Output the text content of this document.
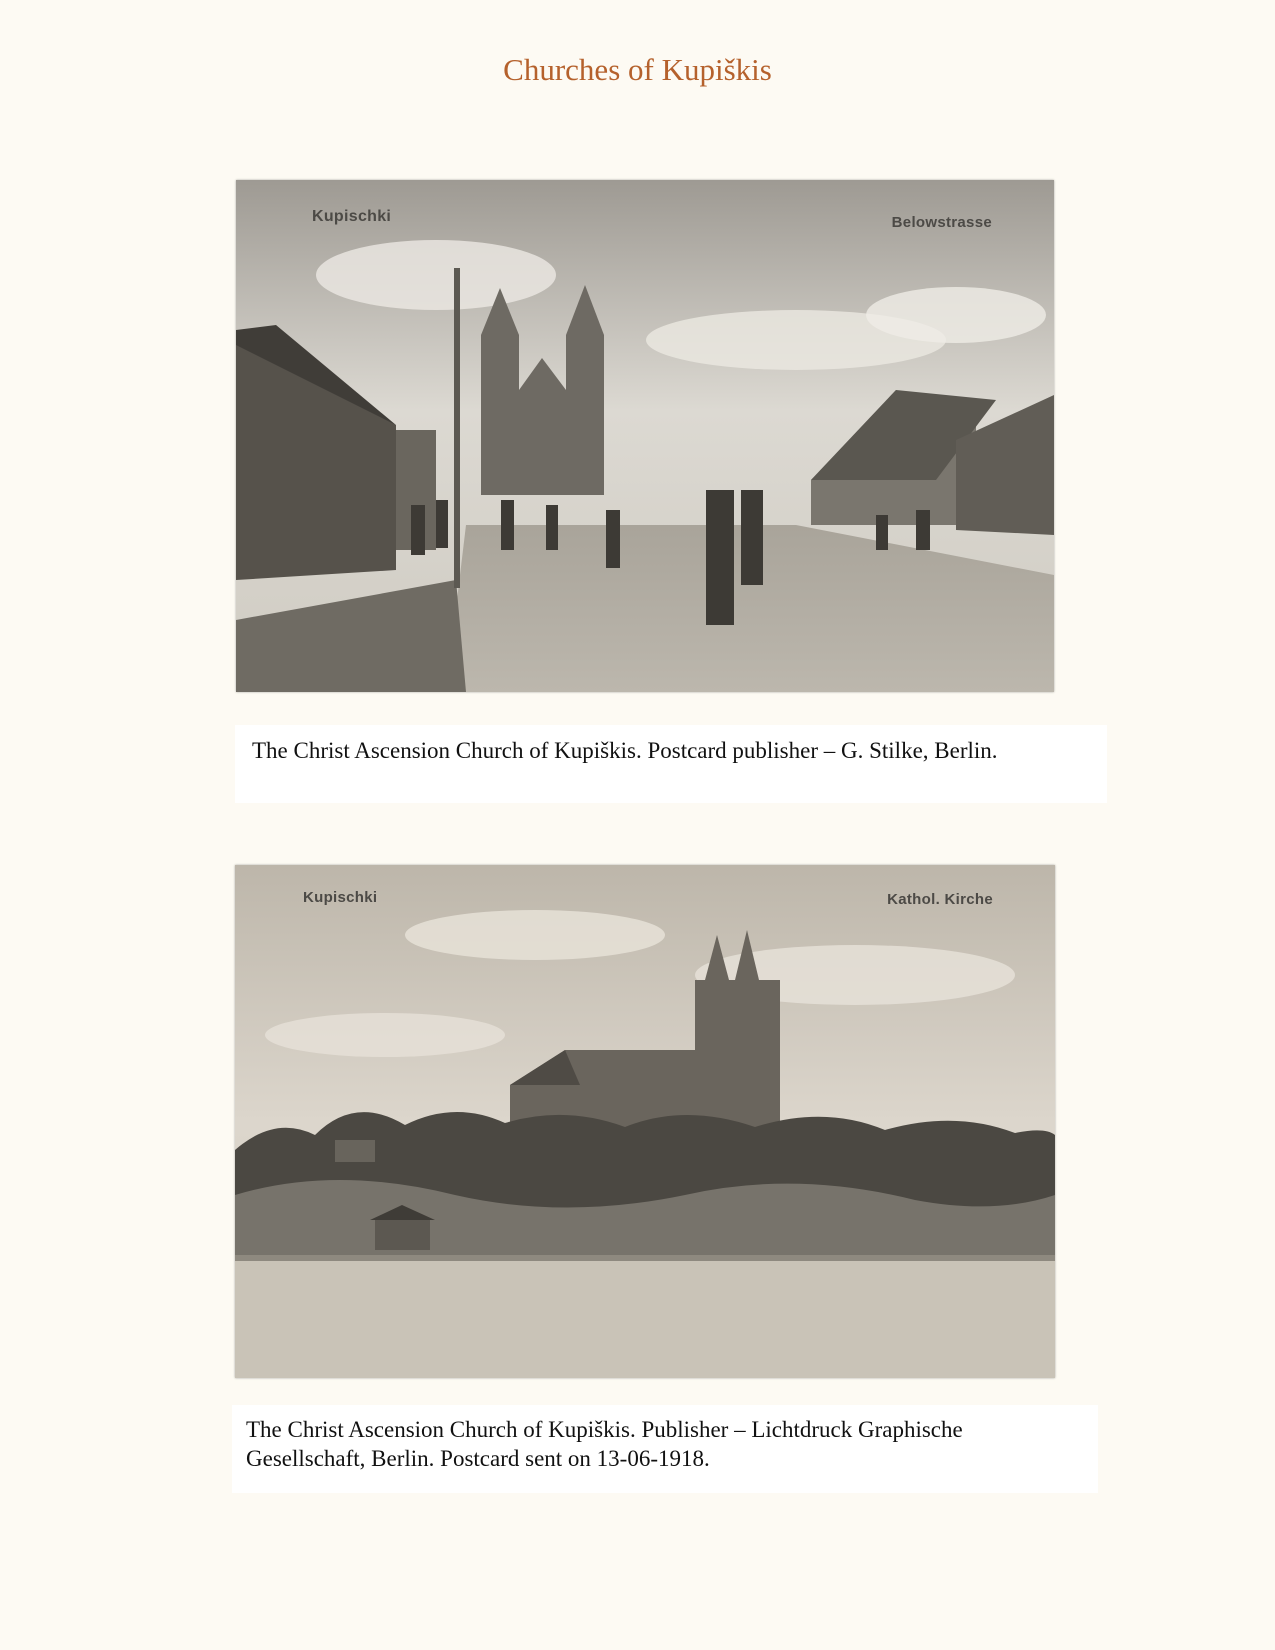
Churches of Kupiškis
Kupischki	Belowstrasse
The Christ Ascension Church of Kupiškis. Postcard publisher – G. Stilke, Berlin.
Kupischki	Kathol. Kirche
The Christ Ascension Church of Kupiškis. Publisher – Lichtdruck Graphische Gesellschaft, Berlin. Postcard sent on 13-06-1918.
